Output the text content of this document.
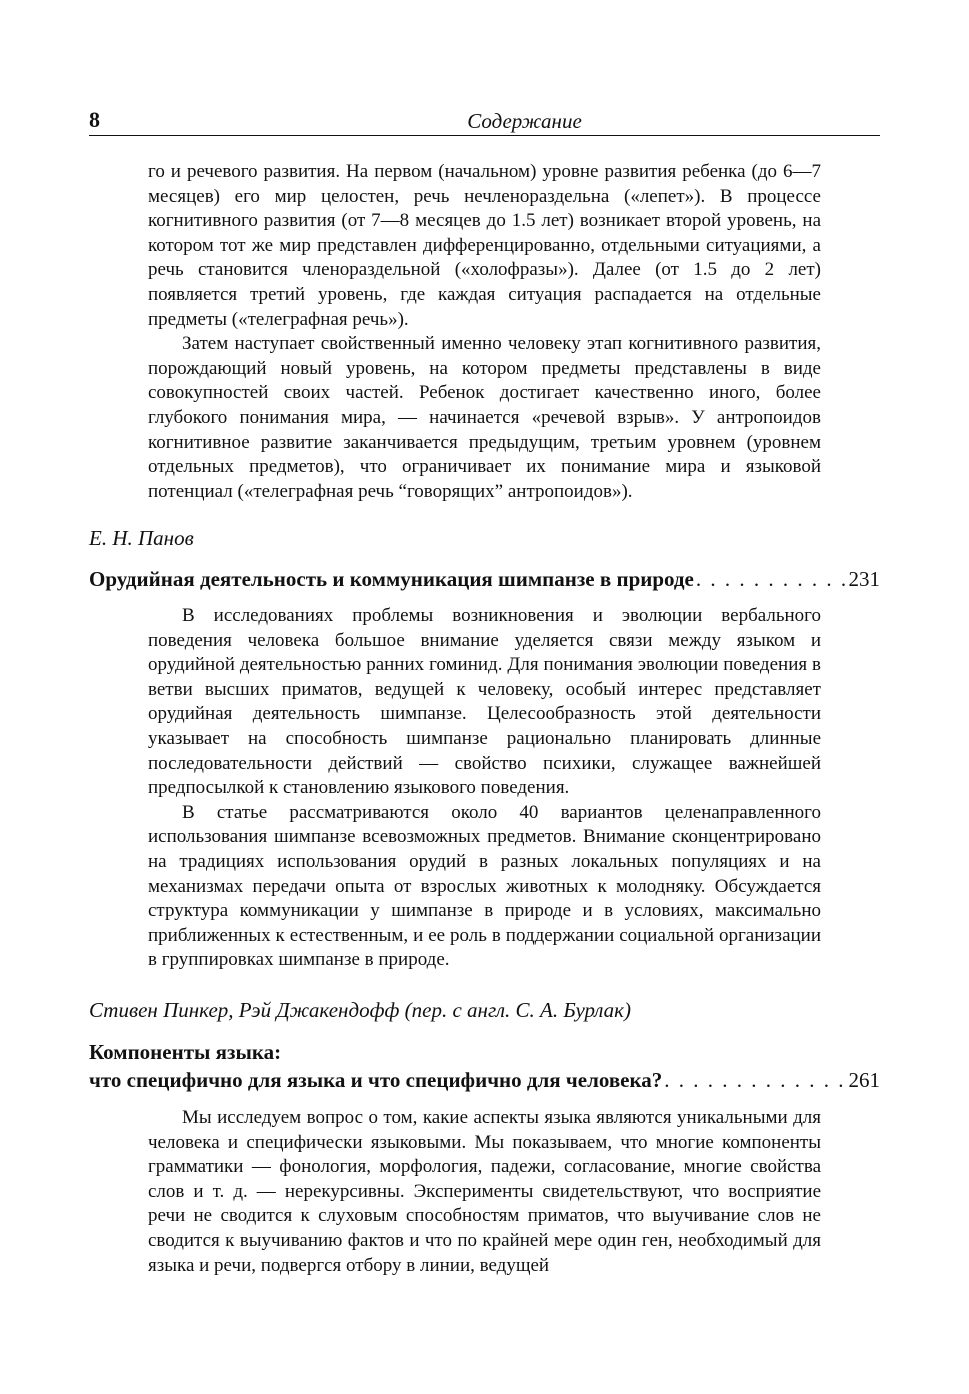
8	Содержание

го и речевого развития. На первом (начальном) уровне развития ребенка (до 6—7 месяцев) его мир целостен, речь нечленораздельна («лепет»). В процессе когнитивного развития (от 7—8 месяцев до 1.5 лет) возникает второй уровень, на котором тот же мир представлен дифференцированно, отдельными ситуациями, а речь становится членораздельной («холофразы»). Далее (от 1.5 до 2 лет) появляется третий уровень, где каждая ситуация распадается на отдельные предметы («телеграфная речь»).

Затем наступает свойственный именно человеку этап когнитивного развития, порождающий новый уровень, на котором предметы представлены в виде совокупностей своих частей. Ребенок достигает качественно иного, более глубокого понимания мира, — начинается «речевой взрыв». У антропоидов когнитивное развитие заканчивается предыдущим, третьим уровнем (уровнем отдельных предметов), что ограничивает их понимание мира и языковой потенциал («телеграфная речь “говорящих” антропоидов»).

Е. Н. Панов
Орудийная деятельность и коммуникация шимпанзе в природе . . .	231

В исследованиях проблемы возникновения и эволюции вербального поведения человека большое внимание уделяется связи между языком и орудийной деятельностью ранних гоминид. Для понимания эволюции поведения в ветви высших приматов, ведущей к человеку, особый интерес представляет орудийная деятельность шимпанзе. Целесообразность этой деятельности указывает на способность шимпанзе рационально планировать длинные последовательности действий — свойство психики, служащее важнейшей предпосылкой к становлению языкового поведения.

В статье рассматриваются около 40 вариантов целенаправленного использования шимпанзе всевозможных предметов. Внимание сконцентрировано на традициях использования орудий в разных локальных популяциях и на механизмах передачи опыта от взрослых животных к молодняку. Обсуждается структура коммуникации у шимпанзе в природе и в условиях, максимально приближенных к естественным, и ее роль в поддержании социальной организации в группировках шимпанзе в природе.

Стивен Пинкер, Рэй Джакендофф (пер. с англ. С. А. Бурлак)
Компоненты языка:
что специфично для языка и что специфично для человека? . . .	261

Мы исследуем вопрос о том, какие аспекты языка являются уникальными для человека и специфически языковыми. Мы показываем, что многие компоненты грамматики — фонология, морфология, падежи, согласование, многие свойства слов и т. д. — нерекурсивны. Эксперименты свидетельствуют, что восприятие речи не сводится к слуховым способностям приматов, что выучивание слов не сводится к выучиванию фактов и что по крайней мере один ген, необходимый для языка и речи, подвергся отбору в линии, ведущей
